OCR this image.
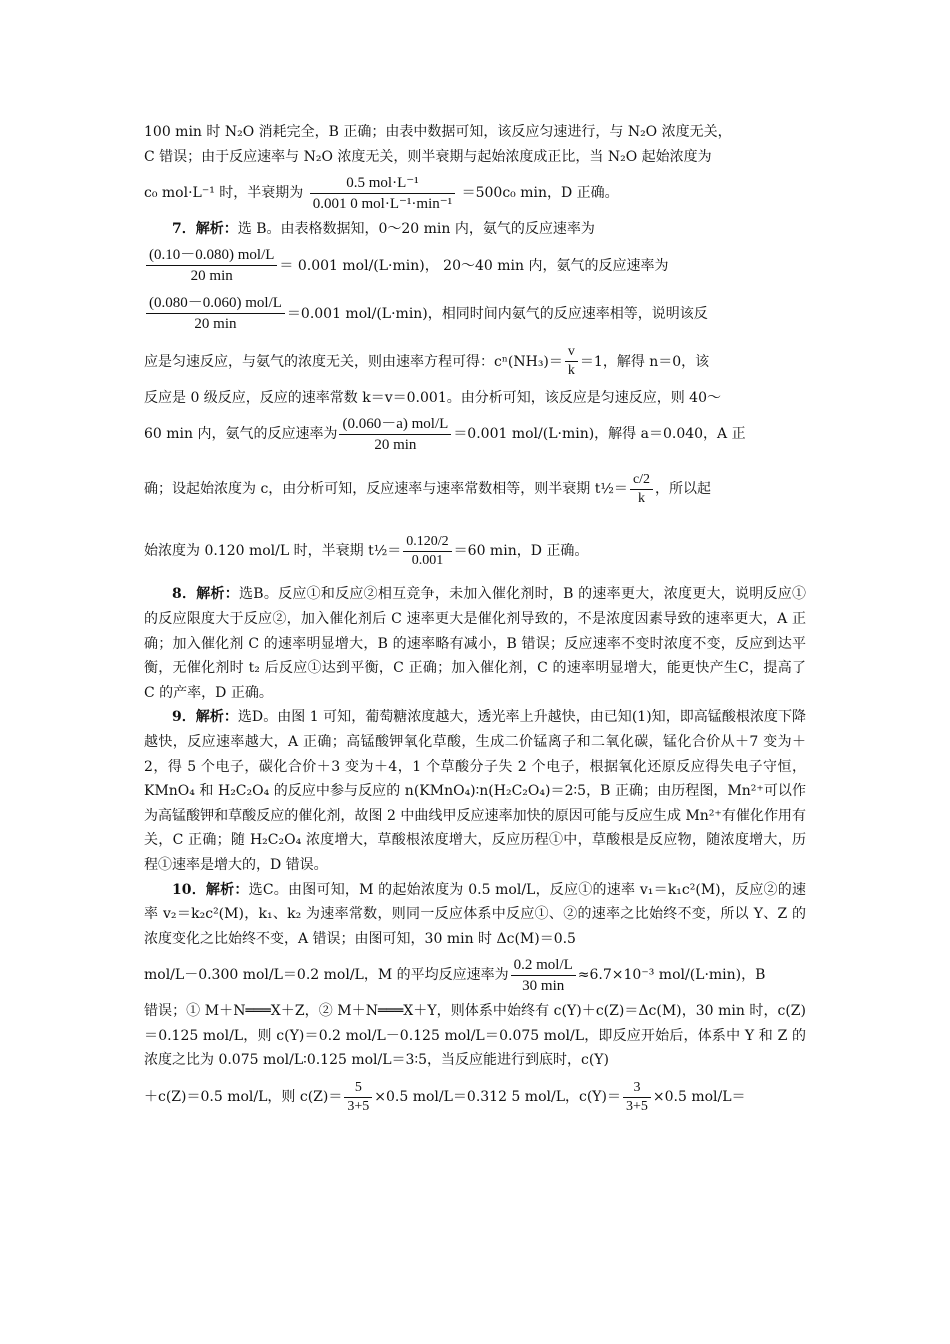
100 min 时 N₂O 消耗完全，B 正确；由表中数据可知，该反应匀速进行，与 N₂O 浓度无关，
C 错误；由于反应速率与 N₂O 浓度无关，则半衰期与起始浓度成正比，当 N₂O 起始浓度为
c₀ mol·L⁻¹ 时，半衰期为 $\frac{\text{0.5 mol·L⁻¹}}{\text{0.001 0 mol·L⁻¹·min⁻¹}} =500c_0$ min，D 正确。

7．解析：选 B。由表格数据知，0～20 min 内，氨气的反应速率为
$\frac{\text{(0.10－0.080) mol/L}}{20 \min} = 0.001$ mol/(L·min)， 20～40 min 内，氨气的反应速率为
$\frac{\text{(0.080－0.060) mol/L}}{20 \min} =0.001$ mol/(L·min)，相同时间内氨气的反应速率相等，说明该反
应是匀速反应，与氨气的浓度无关，则由速率方程可得：$c^n(NH_3)= \frac{v}{k} =1$，解得 n＝0，该
反应是 0 级反应，反应的速率常数 k＝v＝0.001。由分析可知，该反应是匀速反应，则 40～
60 min 内，氨气的反应速率为 $\frac{\text{(0.060－a) mol/L}}{20 \min} =0.001$ mol/(L·min)，解得 a＝0.040，A 正
确；设起始浓度为 c，由分析可知，反应速率与速率常数相等，则半衰期 t½＝ $\frac{c/2}{k}$ ，所以起
始浓度为 0.120 mol/L 时，半衰期 t½＝ $\frac{0.120/2}{0.001} =60$ min，D 正确。

8．解析：选B。反应①和反应②相互竞争，未加入催化剂时，B 的速率更大，浓度更大，说明反应①的反应限度大于反应②，加入催化剂后 C 速率更大是催化剂导致的，不是浓度因素导致的速率更大，A 正确；加入催化剂 C 的速率明显增大，B 的速率略有减小，B 错误；反应速率不变时浓度不变，反应到达平衡，无催化剂时 t₂ 后反应①达到平衡，C 正确；加入催化剂，C 的速率明显增大，能更快产生C，提高了 C 的产率，D 正确。

9．解析：选D。由图 1 可知，葡萄糖浓度越大，透光率上升越快，由已知(1)知，即高锰酸根浓度下降越快，反应速率越大，A 正确；高锰酸钾氧化草酸，生成二价锰离子和二氧化碳，锰化合价从＋7 变为＋2，得 5 个电子，碳化合价＋3 变为＋4，1 个草酸分子失 2 个电子，根据氧化还原反应得失电子守恒，KMnO₄ 和 H₂C₂O₄ 的反应中参与反应的 n(KMnO₄)∶n(H₂C₂O₄)＝2∶5，B 正确；由历程图，Mn²⁺可以作为高锰酸钾和草酸反应的催化剂，故图 2 中曲线甲反应速率加快的原因可能与反应生成 Mn²⁺有催化作用有关，C 正确；随 H₂C₂O₄ 浓度增大，草酸根浓度增大，反应历程①中，草酸根是反应物，随浓度增大，历程①速率是增大的，D 错误。

10．解析：选C。由图可知，M 的起始浓度为 0.5 mol/L，反应①的速率 v₁＝k₁c²(M)，反应②的速率 v₂＝k₂c²(M)，k₁、k₂ 为速率常数，则同一反应体系中反应①、②的速率之比始终不变，所以 Y、Z 的浓度变化之比始终不变，A 错误；由图可知，30 min 时 Δc(M)＝0.5
mol/L－0.300 mol/L＝0.2 mol/L，M 的平均反应速率为 $\frac{\text{0.2 mol/L}}{30 \min} \approx 6.7\times 10^{-3}$ mol/(L·min)，B
错误；① M＋N═══X＋Z，② M＋N═══X＋Y，则体系中始终有 c(Y)＋c(Z)＝Δc(M)，30 min 时，c(Z)＝0.125 mol/L，则 c(Y)＝0.2 mol/L－0.125 mol/L＝0.075 mol/L，即反应开始后，体系中 Y 和 Z 的浓度之比为 0.075 mol/L∶0.125 mol/L＝3∶5，当反应能进行到底时，c(Y)
＋c(Z)＝0.5 mol/L，则 $c(Z)= \frac{5}{3+5} \times 0.5$ mol/L＝0.312 5 mol/L，$c(Y)= \frac{3}{3+5} \times 0.5$ mol/L＝
